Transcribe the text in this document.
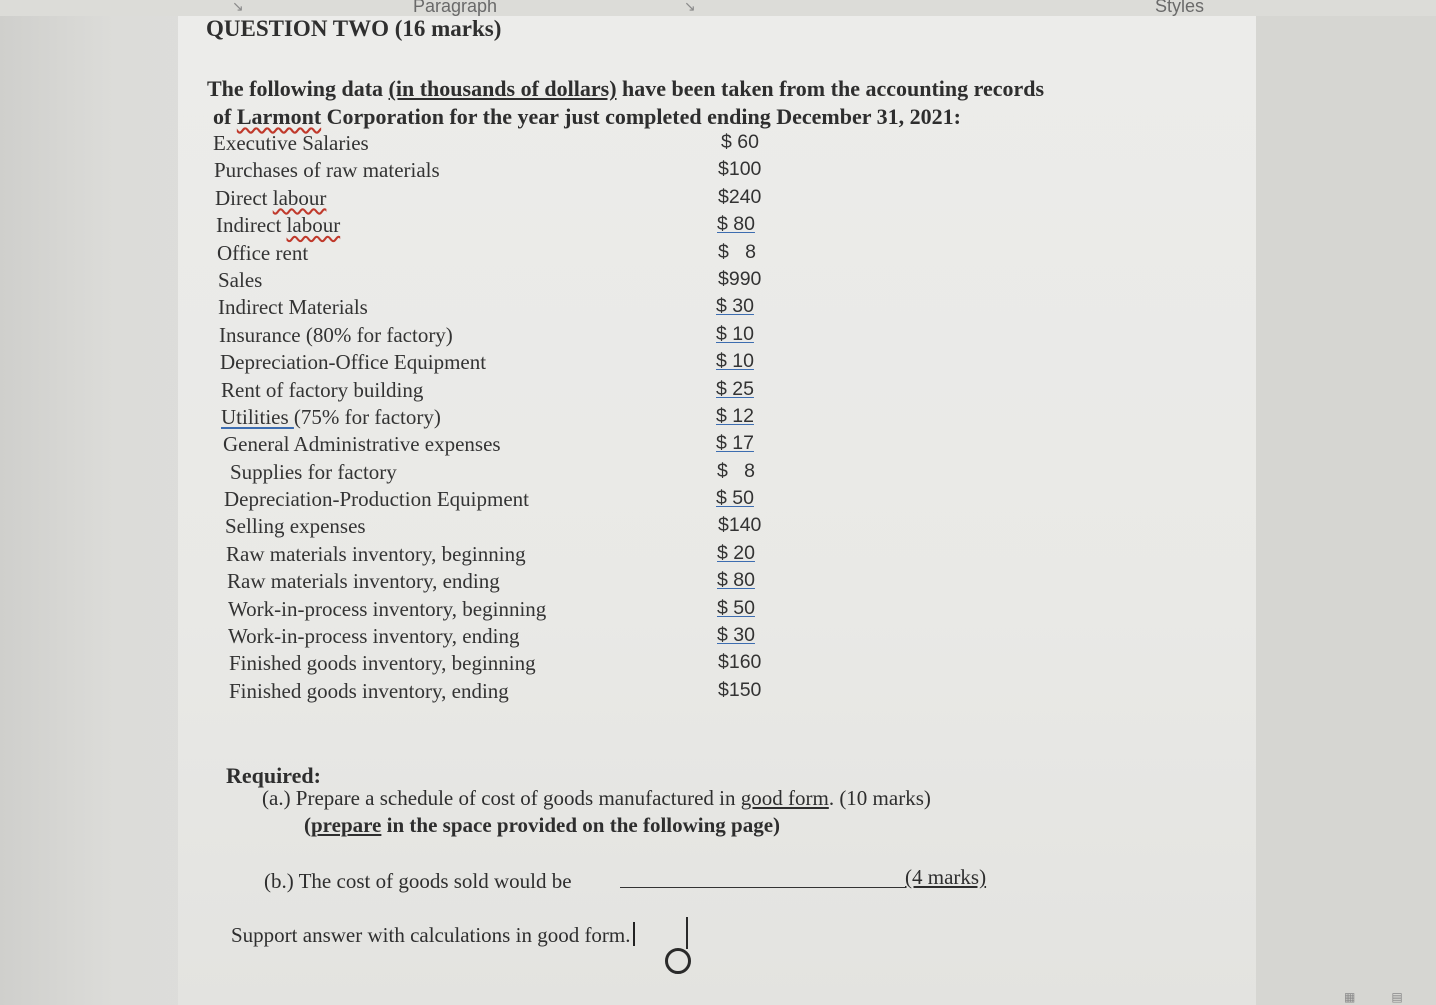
↘	Paragraph	↘	Styles
QUESTION TWO (16 marks)
The following data (in thousands of dollars) have been taken from the accounting records
of Larmont Corporation for the year just completed ending December 31, 2021:
Executive Salaries	$ 60
Purchases of raw materials	$100
Direct labour	$240
Indirect labour	$ 80
Office rent	$   8
Sales	$990
Indirect Materials	$ 30
Insurance (80% for factory)	$ 10
Depreciation-Office Equipment	$ 10
Rent of factory building	$ 25
Utilities (75% for factory)	$ 12
General Administrative expenses	$ 17
Supplies for factory	$   8
Depreciation-Production Equipment	$ 50
Selling expenses	$140
Raw materials inventory, beginning	$ 20
Raw materials inventory, ending	$ 80
Work-in-process inventory, beginning	$ 50
Work-in-process inventory, ending	$ 30
Finished goods inventory, beginning	$160
Finished goods inventory, ending	$150
Required:
(a.) Prepare a schedule of cost of goods manufactured in good form. (10 marks)
(prepare in the space provided on the following page)
(b.) The cost of goods sold would be	(4 marks)
Support answer with calculations in good form.
▦   ▤
